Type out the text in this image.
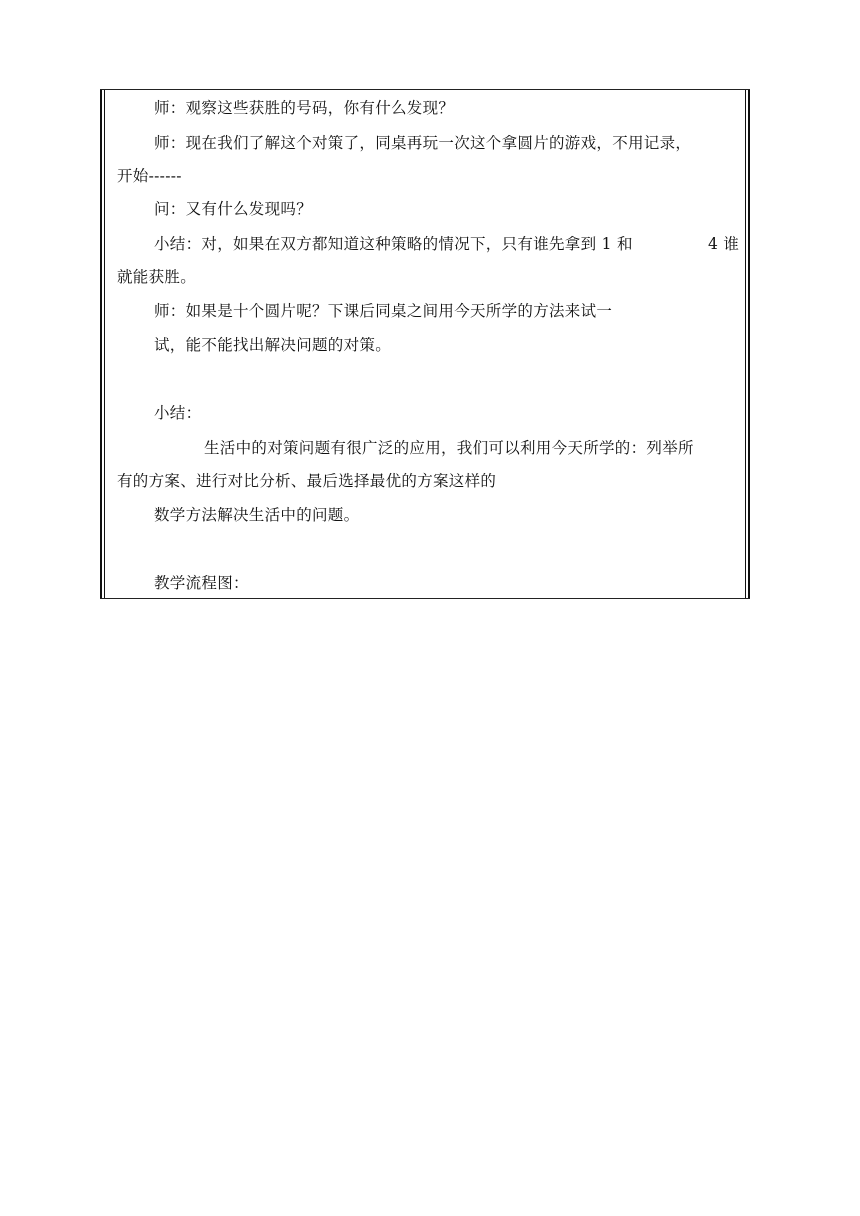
师：观察这些获胜的号码，你有什么发现？
师：现在我们了解这个对策了，同桌再玩一次这个拿圆片的游戏，不用记录，
开始------
问：又有什么发现吗？
小结：对，如果在双方都知道这种策略的情况下，只有谁先拿到 1 和	4 谁
就能获胜。
师：如果是十个圆片呢？下课后同桌之间用今天所学的方法来试一
试，能不能找出解决问题的对策。
小结：
生活中的对策问题有很广泛的应用，我们可以利用今天所学的：列举所
有的方案、进行对比分析、最后选择最优的方案这样的
数学方法解决生活中的问题。
教学流程图：
